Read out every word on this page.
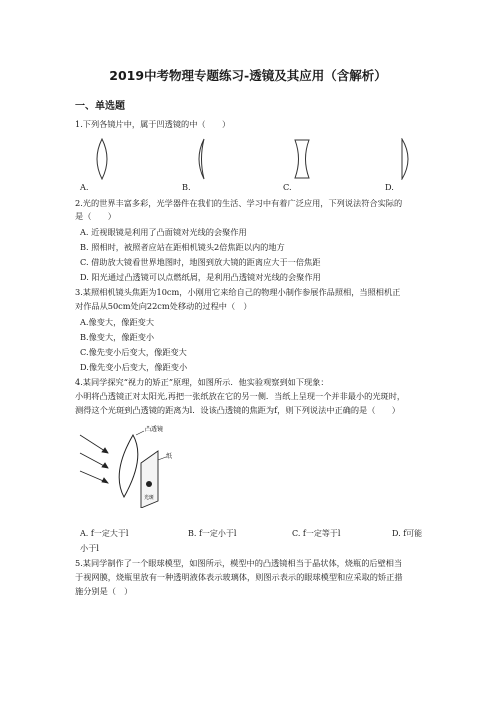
2019中考物理专题练习-透镜及其应用（含解析）
一、单选题
1.下列各镜片中，属于凹透镜的中（　　）
A.	B.	C.	D.
2.光的世界丰富多彩，光学器件在我们的生活、学习中有着广泛应用，下列说法符合实际的
是（　　）
A. 近视眼镜是利用了凸面镜对光线的会聚作用
B. 照相时，被照者应站在距相机镜头2倍焦距以内的地方
C. 借助放大镜看世界地图时，地图到放大镜的距离应大于一倍焦距
D. 阳光通过凸透镜可以点燃纸屑，是利用凸透镜对光线的会聚作用
3.某照相机镜头焦距为10cm，小刚用它来给自己的物理小制作参展作品照相，当照相机正
对作品从50cm处向22cm处移动的过程中（　）
A.像变大，像距变大
B.像变大，像距变小
C.像先变小后变大，像距变大
D.像先变小后变大，像距变小
4.某同学探究“视力的矫正”原理，如图所示．他实验观察到如下现象：
小明将凸透镜正对太阳光,再把一张纸放在它的另一侧．当纸上呈现一个并非最小的光斑时，
测得这个光斑到凸透镜的距离为l．设该凸透镜的焦距为f，则下列说法中正确的是（　　）
凸透镜
光斑
纸
A. f一定大于l	B. f一定小于l	C. f一定等于l	D. f可能
小于l
5.某同学制作了一个眼球模型，如图所示，模型中的凸透镜相当于晶状体，烧瓶的后壁相当
于视网膜，烧瓶里放有一种透明液体表示玻璃体，则图示表示的眼球模型和应采取的矫正措
施分别是（　）
